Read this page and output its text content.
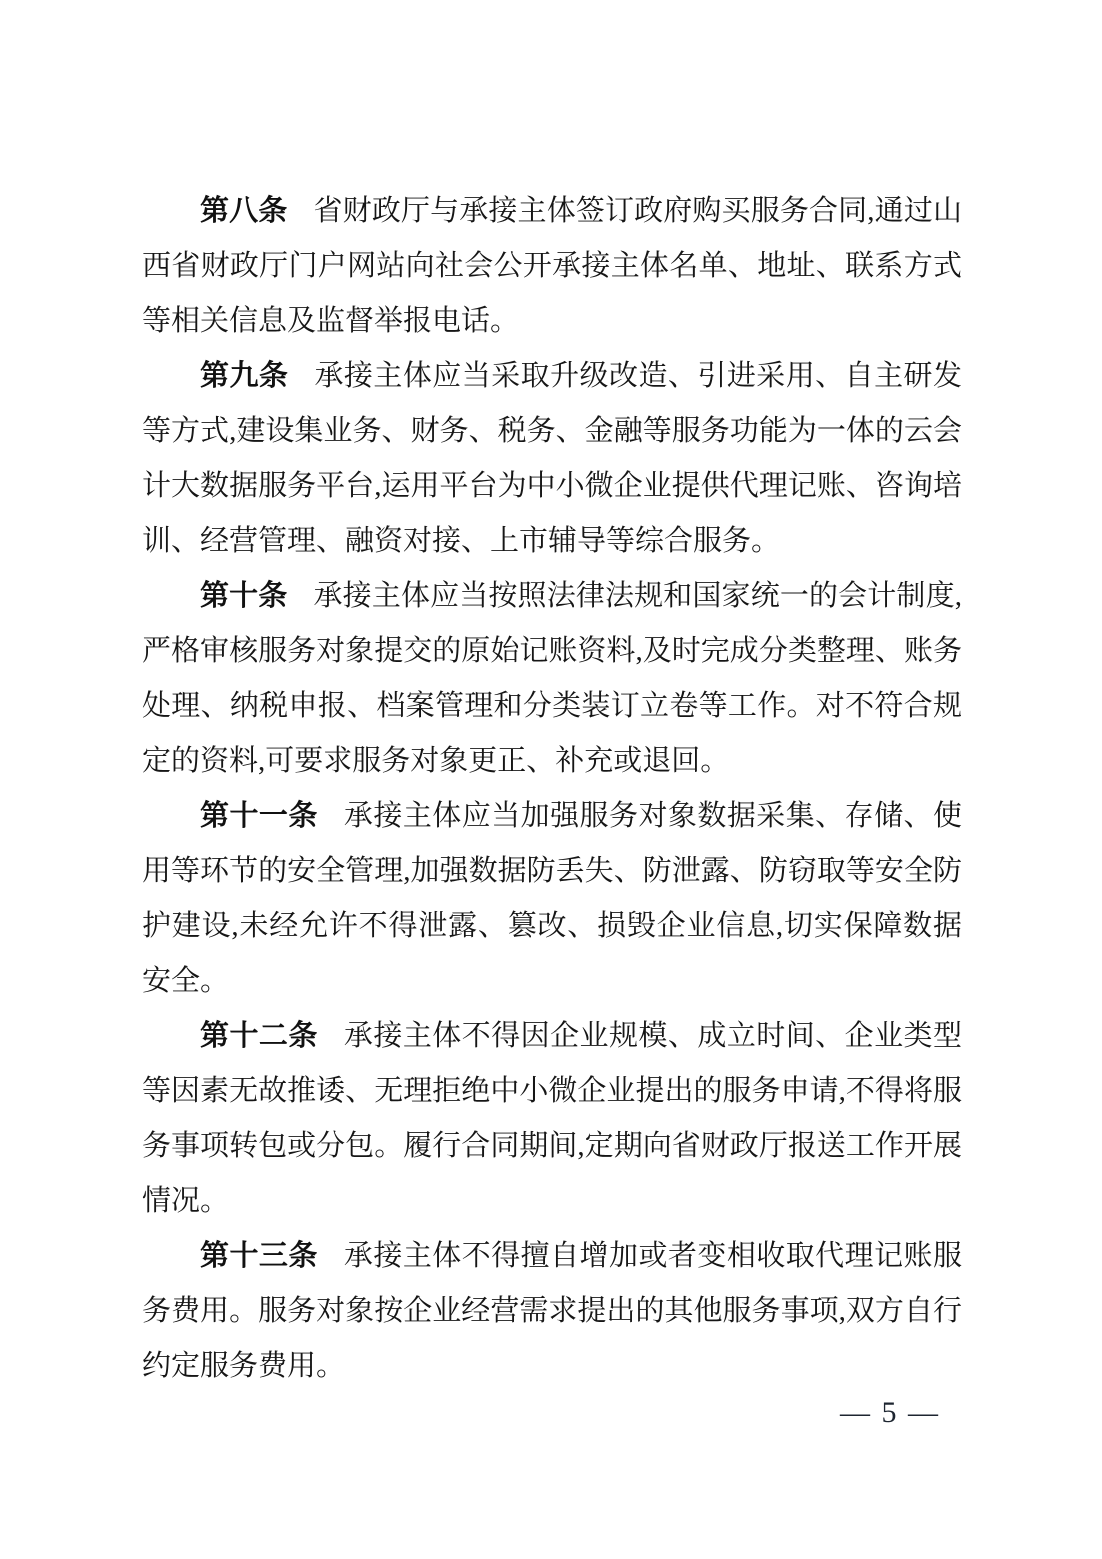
第八条 省财政厅与承接主体签订政府购买服务合同,通过山西省财政厅门户网站向社会公开承接主体名单、地址、联系方式等相关信息及监督举报电话。

第九条 承接主体应当采取升级改造、引进采用、自主研发等方式,建设集业务、财务、税务、金融等服务功能为一体的云会计大数据服务平台,运用平台为中小微企业提供代理记账、咨询培训、经营管理、融资对接、上市辅导等综合服务。

第十条 承接主体应当按照法律法规和国家统一的会计制度,严格审核服务对象提交的原始记账资料,及时完成分类整理、账务处理、纳税申报、档案管理和分类装订立卷等工作。对不符合规定的资料,可要求服务对象更正、补充或退回。

第十一条 承接主体应当加强服务对象数据采集、存储、使用等环节的安全管理,加强数据防丢失、防泄露、防窃取等安全防护建设,未经允许不得泄露、篡改、损毁企业信息,切实保障数据安全。

第十二条 承接主体不得因企业规模、成立时间、企业类型等因素无故推诿、无理拒绝中小微企业提出的服务申请,不得将服务事项转包或分包。履行合同期间,定期向省财政厅报送工作开展情况。

第十三条 承接主体不得擅自增加或者变相收取代理记账服务费用。服务对象按企业经营需求提出的其他服务事项,双方自行约定服务费用。

— 5 —
